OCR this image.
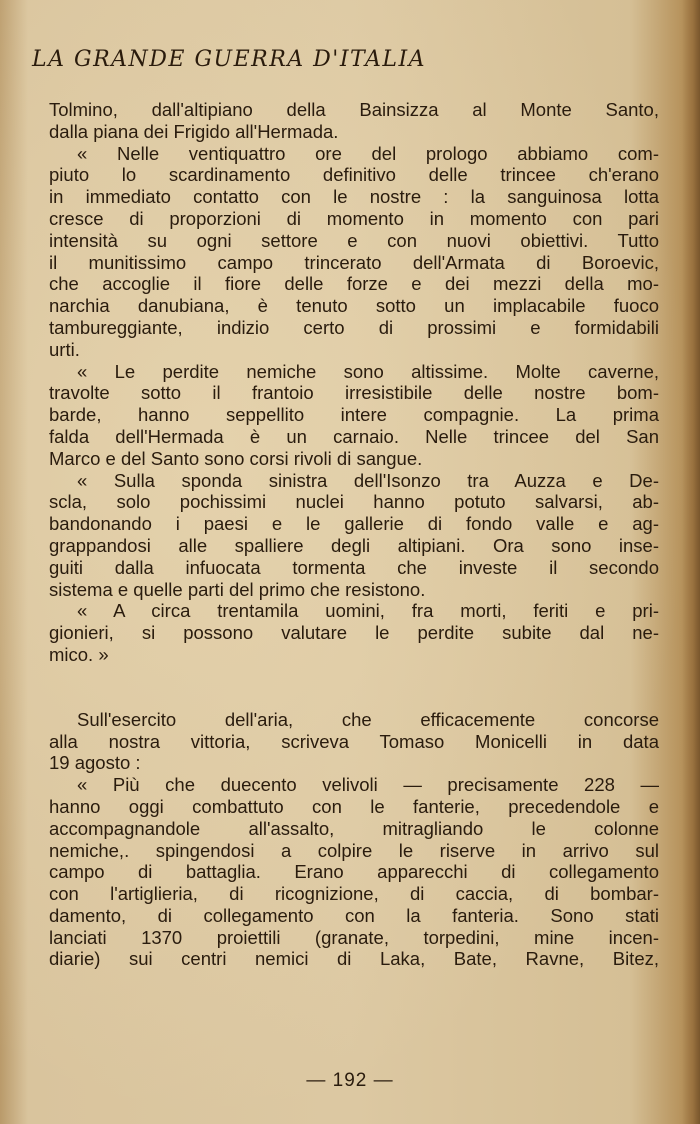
LA GRANDE GUERRA D'ITALIA
Tolmino, dall'altipiano della Bainsizza al Monte Santo,
dalla piana dei Frigido all'Hermada.
« Nelle ventiquattro ore del prologo abbiamo com-
piuto lo scardinamento definitivo delle trincee ch'erano
in immediato contatto con le nostre : la sanguinosa lotta
cresce di proporzioni di momento in momento con pari
intensità su ogni settore e con nuovi obiettivi. Tutto
il munitissimo campo trincerato dell'Armata di Boroevic,
che accoglie il fiore delle forze e dei mezzi della mo-
narchia danubiana, è tenuto sotto un implacabile fuoco
tambureggiante, indizio certo di prossimi e formidabili
urti.
« Le perdite nemiche sono altissime. Molte caverne,
travolte sotto il frantoio irresistibile delle nostre bom-
barde, hanno seppellito intere compagnie. La prima
falda dell'Hermada è un carnaio. Nelle trincee del San
Marco e del Santo sono corsi rivoli di sangue.
« Sulla sponda sinistra dell'Isonzo tra Auzza e De-
scla, solo pochissimi nuclei hanno potuto salvarsi, ab-
bandonando i paesi e le gallerie di fondo valle e ag-
grappandosi alle spalliere degli altipiani. Ora sono inse-
guiti dalla infuocata tormenta che investe il secondo
sistema e quelle parti del primo che resistono.
« A circa trentamila uomini, fra morti, feriti e pri-
gionieri, si possono valutare le perdite subite dal ne-
mico. »
Sull'esercito dell'aria, che efficacemente concorse
alla nostra vittoria, scriveva Tomaso Monicelli in data
19 agosto :
« Più che duecento velivoli — precisamente 228 —
hanno oggi combattuto con le fanterie, precedendole e
accompagnandole all'assalto, mitragliando le colonne
nemiche,. spingendosi a colpire le riserve in arrivo sul
campo di battaglia. Erano apparecchi di collegamento
con l'artiglieria, di ricognizione, di caccia, di bombar-
damento, di collegamento con la fanteria. Sono stati
lanciati 1370 proiettili (granate, torpedini, mine incen-
diarie) sui centri nemici di Laka, Bate, Ravne, Bitez,
— 192 —
